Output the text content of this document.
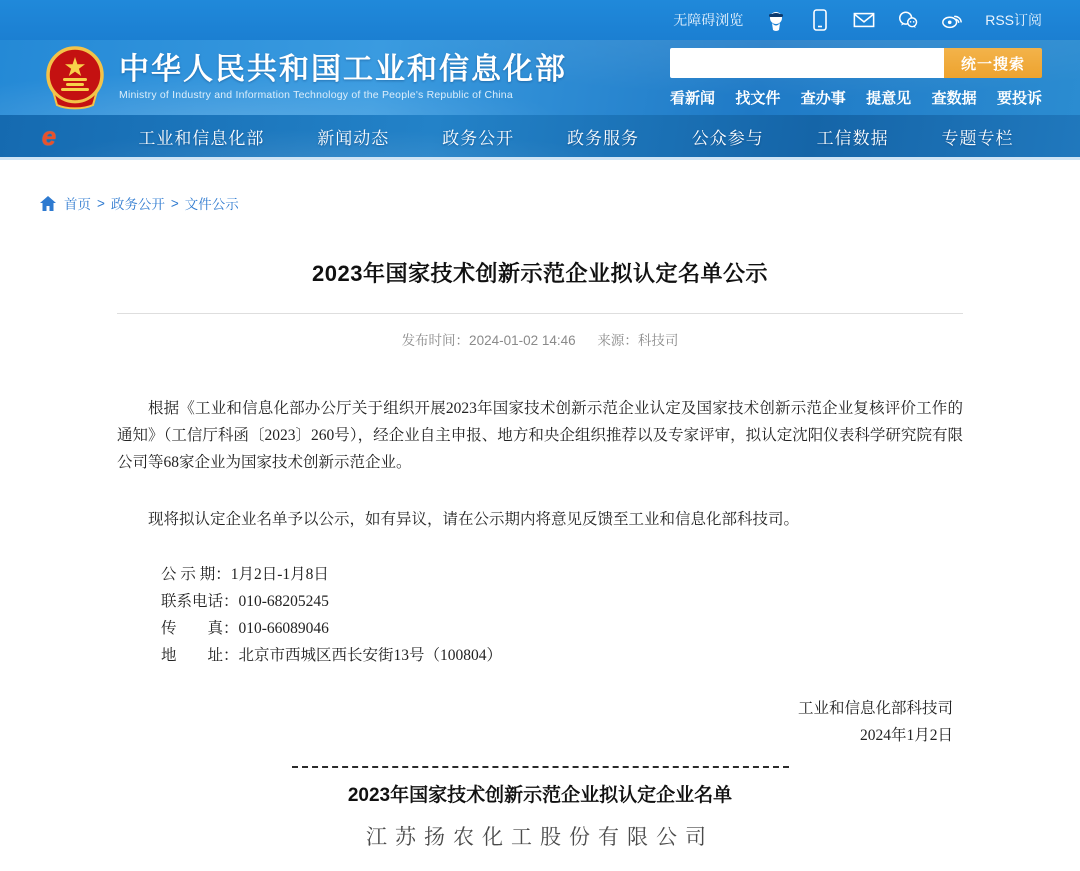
无障碍浏览	RSS订阅
中华人民共和国工业和信息化部
Ministry of Industry and Information Technology of the People's Republic of China
统一搜索
看新闻 找文件 查办事 提意见 查数据 要投诉
e	工业和信息化部	新闻动态	政务公开	政务服务	公众参与	工信数据	专题专栏
首页 > 政务公开 > 文件公示
2023年国家技术创新示范企业拟认定名单公示
发布时间：2024-01-02 14:46 来源：科技司

根据《工业和信息化部办公厅关于组织开展2023年国家技术创新示范企业认定及国家技术创新示范企业复核评价工作的通知》（工信厅科函〔2023〕260号），经企业自主申报、地方和央企组织推荐以及专家评审，拟认定沈阳仪表科学研究院有限公司等68家企业为国家技术创新示范企业。

现将拟认定企业名单予以公示，如有异议，请在公示期内将意见反馈至工业和信息化部科技司。

公 示 期：1月2日-1月8日
联系电话：010-68205245
传　　真：010-66089046
地　　址：北京市西城区西长安街13号（100804）
工业和信息化部科技司
2024年1月2日
2023年国家技术创新示范企业拟认定企业名单
江苏扬农化工股份有限公司
